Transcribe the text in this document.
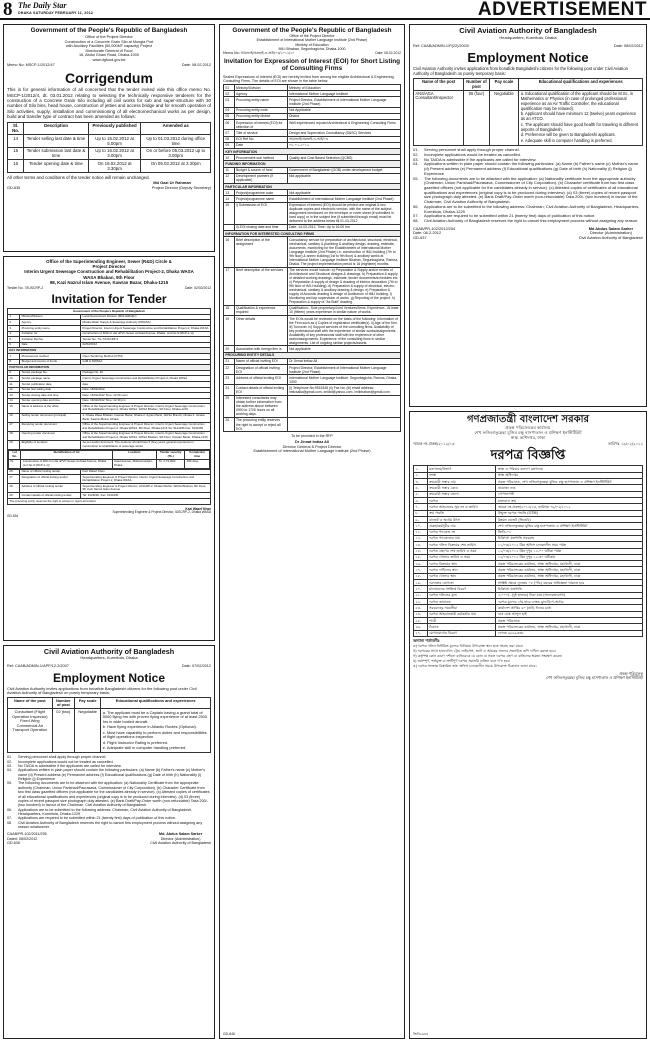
8 The Daily Star
DHAKA SATURDAY FEBRUARY 11, 2012	ADVERTISEMENT
Government of the People's Republic of Bangladesh
Office of the Project Director
Construction of a Concrete Grain Silo at Mongla Port
with Ancillary Facilities (50,000MT capacity) Project
Directorate General of Food
16, Abdul Ghani Road, Dhaka-1000
www.dgfood.gov.bd
Memo No: MSCP-1/2012/47	Date: 08.02.2012
Corrigendum

This is for general information of all concerned that the tender invited vide this office memo No. MSCP-1/2012/4, dt. 03.01.2012 relating to selecting the technically responsive tenderers for the construction of a Concrete Grain Silo including all civil works for sub and super-structure with 30 number of Silo bins, head house, construction of jetties and access bridge and for smooth operation of Silo activities, supply, installation and commissioning of all electromechanical works as per design, build and transfer type of contract has been amended as follows:

Sl. No.	Description	Previously published	Amended as
14	Tender selling last date & time	Up to 15.02.2012 at 5.00pm	Up to 01.03.2012 during office time
15	Tender submission last date & time	Up to 16.02.2012 at 3.00pm	On or before 05.03.2012 up to 3.00pm
16	Tender opening date & time	On 16.02.2012 at 3.30pm	On 05.03.2012 at 3.30pm

All other terms and conditions of the tender notice will remain unchanged.

Md Gazi Ur Rahman
GD-635	Project Director (Deputy Secretary)
Office of the Superintending Engineer, Sewer (R&D) Circle &
Project Director
Interim Urgent Sewerage Construction and Rehabilitation Project-2, Dhaka WASA
WASA Bhaban, 9th Floor
98, Kazi Nazrul Islam Avenue, Kawran Bazar, Dhaka-1215
Tender No. 7/IUSCRP-2	Date: 02/02/2012
Invitation for Tender
Government of the People's Republic of Bangladesh
1.	Ministry/Division	Local Government Division (MOLGRD&C)
2.	Agency	Dhaka Water Supply & Sewerage Authority (DWASA)
3.	Procuring entity name	Project Director, Interim Urgent Sewerage Construction and Rehabilitation Project-2, Dhaka WASA
4.	Invitation for	Construction of 600mm dia uPVC Sewer at Asad Avenue, Dhaka. (Lot No-9 (RCP-1-1))
5.	Invitation Ref No.	Tender No. 7/e-7/IUSCRP-2
6.	Date	02/02/2012
KEY INFORMATION
7.	Procurement method	Open Tendering Method (OTM)
8.	Budget and source of funds	GoB & DWASA
PARTICULAR INFORMATION
9.	Tender package No.	Package No. 40
10.	Tender package name	Interim Urgent Sewerage Construction and Rehabilitation Project-2, Dhaka WASA
11.	Tender publication date	date
12.	Tender last selling date	Date: 15/02/2012
13.	Tender closing date and time	Date: 16/02/2012 Time: 12.00 noon
14.	Tender opening date and time	Date: 16/02/2012 Time: 12.30 pm
15.	Name & address of the office	Office of the Superintending Engineer & Project Director, Interim Urgent Sewerage Construction and Rehabilitation Project-2, Dhaka WASA, WASA Bhaban, 9th Floor, Dhaka-1215
16.	Selling tender document (principal)	1. Dhaka Wasa Bhaban, Kawran Bazar, Dhaka 2. Agrani Bank, WASA Branch, Dhaka 3. Janata Bank, Kawran Bazar, Dhaka
17.	Receiving tender document	Office of the Superintending Engineer & Project Director, Interim Urgent Sewerage Construction and Rehabilitation Project-2, Dhaka WASA, 9th Floor, Dhaka-1215 Tel: 9124236 Fax: 9130150
18.	Opening tender document	Office of the Superintending Engineer & Project Director, Interim Urgent Sewerage Construction and Rehabilitation Project-2, Dhaka WASA, WASA Bhaban, 9th Floor, Kawran Bazar, Dhaka-1215
19.	Eligibility of tenderer	As per tender document. The tenderer should have 5 (five) years general experience in construction & rehabilitation of sewerage works

Lot No.	Identification of lot	Location	Tender security (Tk.)	Completion time
01	Construction of 600 mm dia uPVC Sewer at Asad Avenue, Dhaka (Lot No-9 (RCP-1-1))	Asad Avenue, Mohammadpur, Dhaka	Tk. 2,73,000/-	180 days

26.	Name of official inviting tender	Kazi Wasef Khan
27.	Designation of official inviting tender	Superintending Engineer & Project Director, Interim Urgent Sewerage Construction and Rehabilitation Project-2, Dhaka WASA
28.	Address of official inviting tender	Superintending Engineer & Project Director, IUSCRP-2, Dhaka WASA, WASA Bhaban, 9th Floor, 98, Kazi Nazrul Islam Avenue
29.	Contact details of official inviting tender	Tel: 9124236, Fax: 9130150
The procuring entity reserves the right to accept or reject all tenders
Kazi Wasef Khan
Superintending Engineer & Project Director, IUSCRP-2, Dhaka WASA
GD-634
Civil Aviation Authority of Bangladesh
Headquarters, Kurmitola, Dhaka
Ref: CAAB/ADMIN-1/APP/12-2/2007	Date: 07/02/2012
Employment Notice

Civil Aviation Authority invites applications from bonafide Bangladeshi citizens for the following post under Civil Aviation Authority of Bangladesh on purely temporary basis:

Name of the post	Number of post	Pay scale	Educational qualifications and experiences
Consultant (Flight Operation Inspector) Fixed Wing Commercial Air Transport Operation	02 (two)	Negotiable	a. The applicant must be a Captain having a grand total of 5000 flying hrs with proven flying experience of at least 2500 hrs in wide bodied aircraft.

b. Have flying experience in Atlantic Routes (Optional).

c. Must have capability to perform duties and responsibilities of flight operations inspection.

d. Flight Instructor Rating is preferred.

e. Adequate skill in computer handling preferred.

01.	Serving personnel shall apply through proper channel.
02.	Incomplete applications would not be treated as cancelled.
03.	No TA/DA is admissible if the applicants are called for interview.
04.	Applications written in plain paper should contain the following particulars: (a) Name (b) Father's name (c) Mother's name (d) Present address (e) Permanent address (f) Educational qualifications (g) Date of birth (h) Nationality (i) Religion (j) Experience
05.	The following documents are to be attached with the application: (a) Nationality Certificate from the appropriate authority (Chairman, Union Parishad/Paurasava, Commissioner of City Corporation). (b) Character Certificate from two first class gazetted officers (not applicable for the candidates already in service). (c) Attested copies of certificates of all educational qualifications and experiences (original copy is to be produced during interview). (d) 03 (three) copies of recent passport size photograph duly attested. (e) Bank Draft/Pay-Order worth (non-refundable) Taka 200/- (two hundred) in favour of the Chairman, Civil Aviation Authority of Bangladesh.
06.	Applications are to be submitted to the following address: Chairman, Civil Aviation Authority of Bangladesh, Headquarters, Kurmitola, Dhaka-1229
07.	Applications are required to be submitted within 21 (twenty first) days of publication of this notice.
08.	Civil Aviation Authority of Bangladesh reserves the right to cancel this employment process without assigning any reason whatsoever.
CAAB/PR-102/2011/255
Dated: 08/02/2012
GD-636
Md. Abdus Salam Sarker
Director (Administration)
Civil Aviation Authority of Bangladesh
Government of the People's Republic of Bangladesh
Office of the Project Director
Establishment of International Mother Language Institute (2nd Phase)
Ministry of Education
IMLI Bhaban, Segunbagicha, Dhaka-1000
Memo No: আমাভাই/প্রকল্প/ই-ও-আই/০৩/২০১২/২০	Date: 08-02-2012
Invitation for Expression of Interest (EOI) for Short Listing of Consulting Firms

Sealed Expressions of Interest (EOI) are hereby invited from among the eligible Architectural & Engineering Consulting Firms. The details of EOI are shown in the table below:

01	Ministry/Division	Ministry of Education
02	Agency	International Mother Language Institute
03	Procuring entity name	Project Director, Establishment of International Mother Language Institute (2nd Phase)
04	Procuring entity code	Not Applicable
05	Procuring entity district	Dhaka
06	Expression of interest (EOI) for selection of	Well experienced reputed Architectural & Engineering Consulting Firms
07	Title of service	Design and Supervision Consultancy (D&SC) Services
08	EOI Ref No.	আমাভাই/প্রকল্প/ই-ও-আই/০৩
09	Date	০৮-০২-২০১২
KEY INFORMATION		
10	Procurement sub method	Quality and Cost Based Selection (QCBS)
FUNDING INFORMATION		
11	Budget & source of fund	Government of Bangladesh (GOB) under development budget
12	Development partners (if applicable)	Not applicable
PARTICULAR INFORMATION		
13	Project/programme code	Not applicable
14	Project/programme name	Establishment of International Mother Language Institute (2nd Phase)
15	i) Submission of EOI	Expression of interest (EOI) should be printed one original & two duplicate copies and electronic version, with the name of the subject assignment mentioned on the envelope or cover sheet (if submitted in hard copy) or in the subject line (if submitted through email) must be delivered to the address below till 01-03-2012
	ii) EOI closing date and time	Date: 14-03-2012, Time: Up to 16.00 hrs
INFORMATION FOR INTERESTED CONSULTING FIRMS		
16	Brief description of the assignment	Consultancy service for preparation of architectural, structural, electrical, mechanical, sanitary & plumbing & ancillary design, drawing, estimate, documents, monitoring for the Establishment of International Mother Language Institute (2nd Phase) i.e. construction of IMLI building (7th to 9th floor) & annex building (1st to 9th floor) & ancillary works at International Mother Language Institute Bhaban, Segunbagicha, Ramna, Dhaka. The project implementation period is 16 (eighteen) months.
17	Brief description of the services	The services would include: a) Preparation & Supply and/or review of Architectural and Structural designs & drawings. b) Preparation & supply of detailed working drawings, estimate, tender documents/schedules etc. c) Preparation & supply of design & drawing of interior decoration (7th to 9th floor of IMLI building). d) Preparation & supply of electrical, electro-mechanical, sanitary & ancillary drawing & design. e) Preparation & supply of Acoustic drawing & design of Auditorium of IMLI building. f) Monitoring and top supervision of works. g) Reporting of the project. h) Preparation & supply of "As Built" drawing.
18	Qualification & experience required	Qualification:- Sole proprietary/Joint Ventures/firms. Experience:- At least 10 (fifteen) years experience in similar nature of works.
19	Other details	The EOIs would be reviewed on the basis of the following: Information of the Firm such as i) Copies of registration certificate(s). ii) Age of the firm. iii) Turnover. iv) Support services of the consulting firms. Availability of key professional staff with the experience of similar works/assignments. Availability of key professional staff with the experience of other works/assignments. Experience of the consulting firms in similar assignments. List of ongoing similar projects/assets.
20	Association with foreign firm is	Not applicable
PROCURING ENTITY DETAILS		
21	Name of official inviting EOI	Dr Jinnat Imtiaz Ali
22	Designation of official inviting EOI	Project Director, Establishment of International Mother Language Institute (2nd Phase)
23	Address of official inviting EOI	International Mother Language Institute, Segunbagicha, Ramna, Dhaka-1000
24	Contact details of official inviting EOI	(i) Telephone No:9515348 (ii) Fax No: (iii) email address: imlicsalla@gmail.com, imlibd@yahoo.com, imlibhaban@gmail.com
25	Interested consultants may obtain further information from the address above between 0900 to 1700 hours on all working days.	
26	The procuring entity reserves the right to accept or reject all EOI.	
To be provided in the RFP
Dr Jinnat Imtiaz Ali
Director General & Project Director
Establishment of International Mother Language Institute (2nd Phase)
GD-646
Civil Aviation Authority of Bangladesh
Headquarters, Kurmitola, Dhaka
Ref: CAAB/ADMIN-1/P(22)/2003/	Date: 08/02/2012
Employment Notice

Civil Aviation Authority invites applications from bonafide Bangladeshi citizens for the following post under Civil Aviation Authority of Bangladesh on purely temporary basis:

Name of the post	Number of post	Pay scale	Educational qualifications and experiences
ANS/AGA Consultant/Inspector	06 (four)	Negotiable	a. Educational qualification of the applicant should be M.Sc. in Mathematics or Physics (in case of prolonged professional experience as an Air Traffic Controller, the educational qualification may be relaxed).

b. Applicant should have minimum 12 (twelve) years experience as an ATCO.

c. The applicant should have good health for traveling in different airports of Bangladesh.

d. Preference will be given to Bangladeshi applicant.

e. Adequate skill in computer handling is preferred.

01.	Serving personnel shall apply through proper channel.
02.	Incomplete applications would be treated as cancelled.
03.	No TA/DA is admissible if the applicants are called for interview.
04.	Applications written in plain paper should contain the following particulars: (a) Name (b) Father's name (c) Mother's name (d) Present address (e) Permanent address (f) Educational qualifications (g) Date of birth (h) Nationality (i) Religion (j) Experience
05.	The following documents are to be attached with the application: (a) Nationality certificate from the appropriate authority (Chairman, Union Parishad/Paurasava, Commissioner of City Corporation). (b) Character certificate from two first class gazetted officers (not applicable for the candidates already in service). (c) Attested copies of certificates of all educational qualifications and experiences (original copy is to be produced during interview). (d) 03 (three) copies of recent passport size photograph duly attested. (e) Bank Draft/Pay-Order worth (non-refundable) Taka 200/- (two hundred) in favour of the Chairman, Civil Aviation Authority of Bangladesh.
06.	Applications are to be submitted to the following address: Chairman, Civil Aviation Authority of Bangladesh, Headquarters, Kurmitola, Dhaka-1229
07.	Applications are required to be submitted within 21 (twenty first) days of publication of this notice.
08.	Civil Aviation Authority of Bangladesh reserves the right to cancel this employment process without assigning any reason.
CAAB/PR-102/2012/254
Date: 08-2-2012
GD-637
Md Abdus Salam Sarker
Director (Administration)
Civil Aviation Authority of Bangladesh
গণপ্রজাতন্ত্রী বাংলাদেশ সরকার
প্রকল্প পরিচালকের কার্যালয়
শেখ ফজিলাতুন্নেছা মুজিব চক্ষু হাসপাতাল ও প্রশিক্ষণ ইনস্টিটিউট
স্বাস্থ্য অধিদপ্তর, ঢাকা
স্মারক নং-প্রকল্প/২০১২/১৩	তারিখঃ ০৯/০২/২০১২
দরপত্র বিজ্ঞপ্তি
১.	মন্ত্রণালয়/বিভাগ	স্বাস্থ্য ও পরিবার কল্যাণ মন্ত্রণালয়
২.	সংস্থা	স্বাস্থ্য অধিদপ্তর
৩.	ক্রয়কারী সত্তার নাম	প্রকল্প পরিচালক, শেখ ফজিলাতুন্নেছা মুজিব চক্ষু হাসপাতাল ও প্রশিক্ষণ ইনস্টিটিউট
৪.	ক্রয়কারী সত্তার কোড	প্রযোজ্য নহে
৫.	ক্রয়কারী সত্তার জেলা	গোপালগঞ্জ
৬.	দরপত্র	মালামাল ক্রয়
৭.	দরপত্র আহবানের সূত্র নং ও তারিখ	স্মারক নং-প্রকল্প/২০১২/১৩, তারিখঃ ০৯/০২/২০১২
৮.	ক্রয় পদ্ধতি	উন্মুক্ত দরপত্র পদ্ধতি (OTM)
৯.	বাজেট ও অর্থের উৎস	উন্নয়ন বাজেট (জিওবি)
১০.	প্রকল্প/কর্মসূচীর নাম	শেখ ফজিলাতুন্নেছা মুজিব চক্ষু হাসপাতাল ও প্রশিক্ষণ ইনস্টিটিউট
১১.	দরপত্র প্যাকেজ নং	জিডি-০১
১২.	দরপত্র প্যাকেজের নাম	চিকিৎসা যন্ত্রপাতি সরবরাহ
১৩.	দরপত্র দলিল বিক্রয়ের শেষ তারিখ	১১/০৩/২০১২ খ্রিঃ অফিস চলাকালীন সময় পর্যন্ত
১৪.	দরপত্র গ্রহণের শেষ তারিখ ও সময়	১২/০৩/২০১২ খ্রিঃ দুপুর ১২.০০ ঘটিকা পর্যন্ত
১৫.	দরপত্র খোলার তারিখ ও সময়	১২/০৩/২০১২ খ্রিঃ দুপুর ১২.৩০ ঘটিকায়
১৬.	দরপত্র বিক্রয়ের স্থান	প্রকল্প পরিচালকের কার্যালয়, স্বাস্থ্য অধিদপ্তর, মহাখালী, ঢাকা
১৭.	দরপত্র দাখিলের স্থান	প্রকল্প পরিচালকের কার্যালয়, স্বাস্থ্য অধিদপ্তর, মহাখালী, ঢাকা
১৮.	দরপত্র খোলার স্থান	প্রকল্প পরিচালকের কার্যালয়, স্বাস্থ্য অধিদপ্তর, মহাখালী, ঢাকা
১৯.	দরদাতার যোগ্যতা	সংশ্লিষ্ট ক্ষেত্রে ন্যূনতম ০৫ (পাঁচ) বছরের অভিজ্ঞতা থাকতে হবে
২০.	মালামালের সংক্ষিপ্ত বিবরণ	চিকিৎসা যন্ত্রপাতি
২১.	দরপত্র দলিলের মূল্য	২,০০০/- (দুই হাজার) টাকা মাত্র (অফেরতযোগ্য)
২২.	দরপত্র জামানত	দরপত্র মূল্যের ২% হারে ব্যাংক ড্রাফট/পে-অর্ডার
২৩.	সরবরাহের সময়সীমা	কার্যাদেশ প্রাপ্তির ৬০ (ষাট) দিনের মধ্যে
২৪.	দরপত্র আহবানকারী কর্মকর্তার নাম	ডাঃ মোঃ আব্দুল হাই
২৫.	পদবী	প্রকল্প পরিচালক
২৬.	ঠিকানা	প্রকল্প পরিচালকের কার্যালয়, স্বাস্থ্য অধিদপ্তর, মহাখালী, ঢাকা
২৭.	যোগাযোগের বিবরণ	ফোনঃ ৯৮৯৯৩৩৮
অন্যান্য শর্তাবলীঃ

ক) দরপত্র দলিল নির্ধারিত মূল্যের বিনিময়ে উপরোক্ত স্থান হতে সংগ্রহ করা যাবে।

খ) দরপত্রের সাথে হালনাগাদ ট্রেড লাইসেন্স, ভ্যাট ও আয়কর সনদের সত্যায়িত কপি দাখিল করতে হবে।

গ) কর্তৃপক্ষ কোন কারণ দর্শানো ব্যতিরেকে যে কোন বা সকল দরপত্র গ্রহণ বা বাতিলের ক্ষমতা সংরক্ষণ করেন।

ঘ) অসম্পূর্ণ, শর্তযুক্ত বা ত্রুটিপূর্ণ দরপত্র সরাসরি বাতিল বলে গণ্য হবে।

ঙ) দরপত্র সংক্রান্ত বিস্তারিত তথ্য অফিস চলাকালীন সময়ে উপরোক্ত ঠিকানায় জানা যাবে।

প্রকল্প পরিচালক
শেখ ফজিলাতুন্নেছা মুজিব চক্ষু হাসপাতাল ও প্রশিক্ষণ ইনস্টিটিউট
জিডি-৬৪৪
